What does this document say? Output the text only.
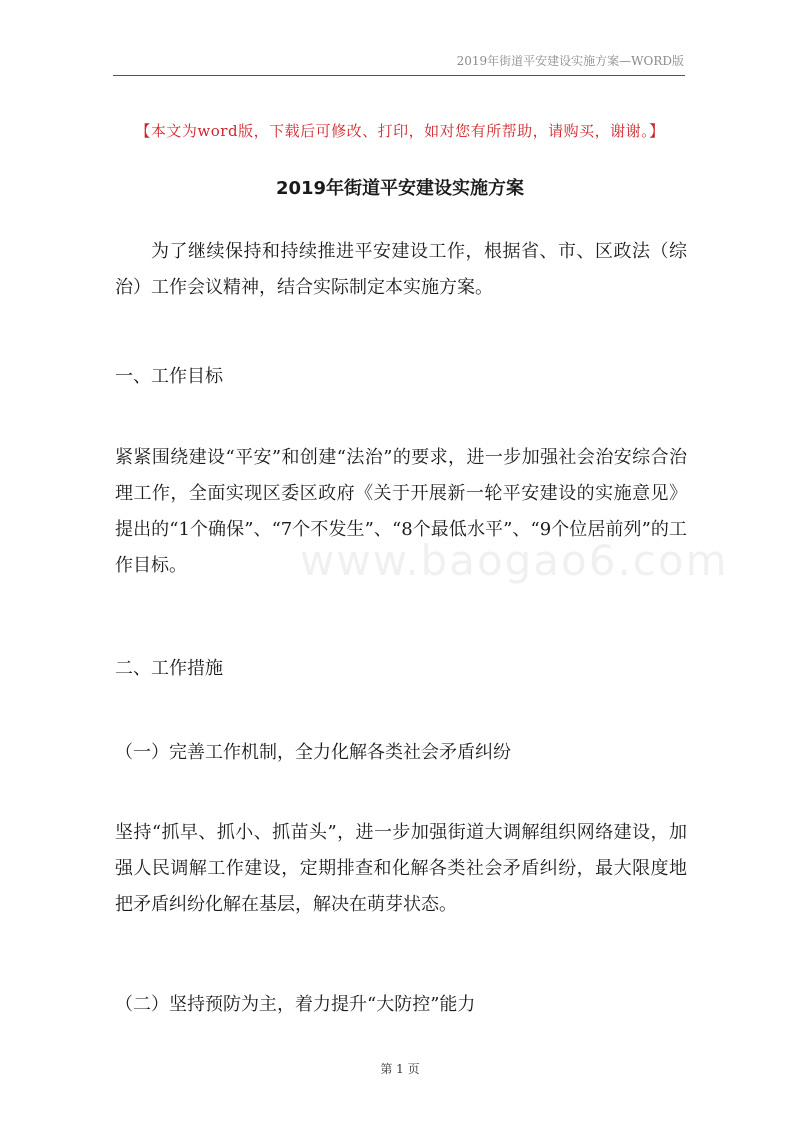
2019年街道平安建设实施方案—WORD版
【本文为word版，下载后可修改、打印，如对您有所帮助，请购买，谢谢。】
2019年街道平安建设实施方案

为了继续保持和持续推进平安建设工作，根据省、市、区政法（综治）工作会议精神，结合实际制定本实施方案。

一、工作目标

紧紧围绕建设“平安”和创建“法治”的要求，进一步加强社会治安综合治理工作，全面实现区委区政府《关于开展新一轮平安建设的实施意见》提出的“1个确保”、“7个不发生”、“8个最低水平”、“9个位居前列”的工作目标。	www.baogao6.com

二、工作措施

（一）完善工作机制，全力化解各类社会矛盾纠纷

坚持“抓早、抓小、抓苗头”，进一步加强街道大调解组织网络建设，加强人民调解工作建设，定期排查和化解各类社会矛盾纠纷，最大限度地把矛盾纠纷化解在基层，解决在萌芽状态。

（二）坚持预防为主，着力提升“大防控”能力

第 1 页
